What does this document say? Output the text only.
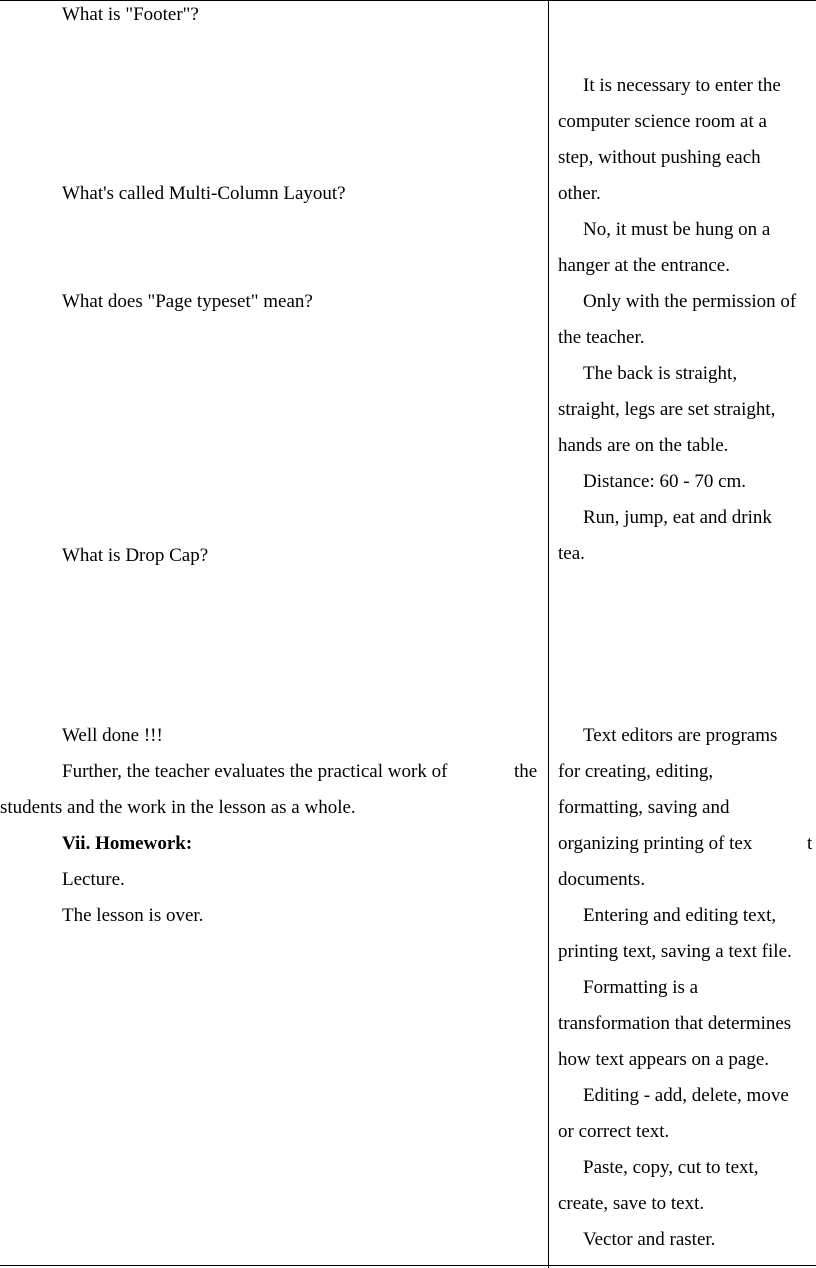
What is "Footer"?
What's called Multi-Column Layout?
What does "Page typeset" mean?
What is Drop Cap?
Well done !!!
Further, the teacher evaluates the practical work of	the
students and the work in the lesson as a whole.
Vii. Homework:
Lecture.
The lesson is over.
It is necessary to enter the
computer science room at a
step, without pushing each
other.
No, it must be hung on a
hanger at the entrance.
Only with the permission of
the teacher.
The back is straight,
straight, legs are set straight,
hands are on the table.
Distance: 60 - 70 cm.
Run, jump, eat and drink
tea.
Text editors are programs
for creating, editing,
formatting, saving and
organizing printing of tex	t
documents.
Entering and editing text,
printing text, saving a text file.
Formatting is a
transformation that determines
how text appears on a page.
Editing - add, delete, move
or correct text.
Paste, copy, cut to text,
create, save to text.
Vector and raster.
